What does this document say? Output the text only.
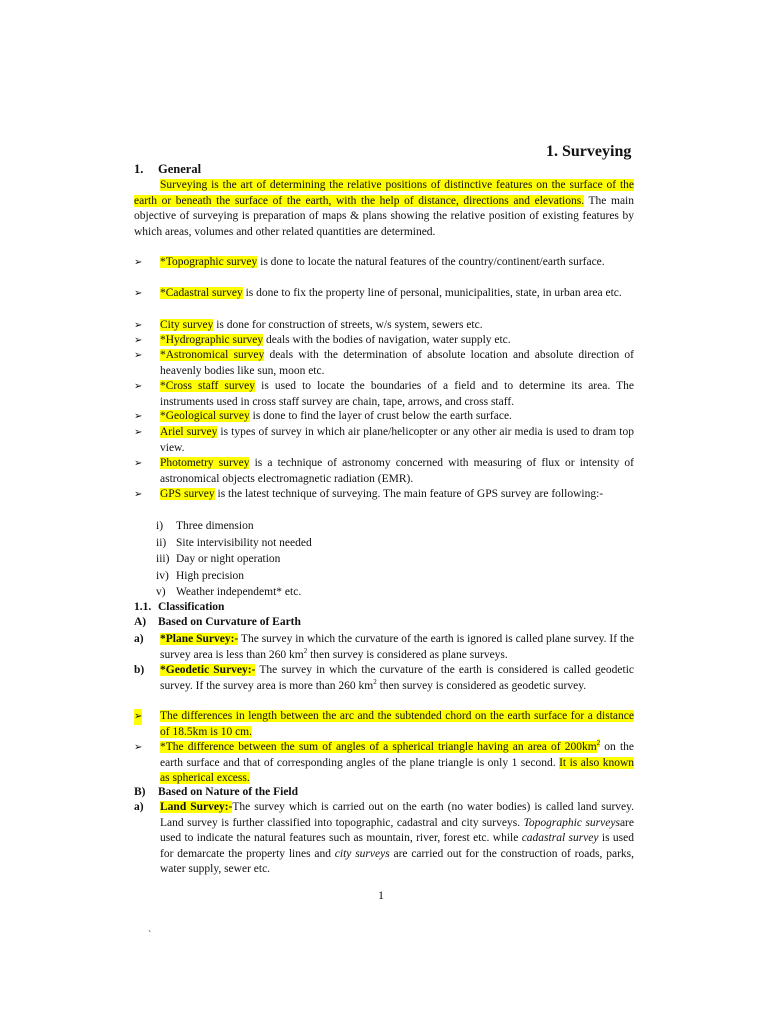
1. Surveying
1. General
Surveying is the art of determining the relative positions of distinctive features on the surface of the earth or beneath the surface of the earth, with the help of distance, directions and elevations. The main objective of surveying is preparation of maps & plans showing the relative position of existing features by which areas, volumes and other related quantities are determined.
➢ *Topographic survey is done to locate the natural features of the country/continent/earth surface.
➢ *Cadastral survey is done to fix the property line of personal, municipalities, state, in urban area etc.
➢ City survey is done for construction of streets, w/s system, sewers etc.
➢ *Hydrographic survey deals with the bodies of navigation, water supply etc.
➢ *Astronomical survey deals with the determination of absolute location and absolute direction of heavenly bodies like sun, moon etc.
➢ *Cross staff survey is used to locate the boundaries of a field and to determine its area. The instruments used in cross staff survey are chain, tape, arrows, and cross staff.
➢ *Geological survey is done to find the layer of crust below the earth surface.
➢ Ariel survey is types of survey in which air plane/helicopter or any other air media is used to dram top view.
➢ Photometry survey is a technique of astronomy concerned with measuring of flux or intensity of astronomical objects electromagnetic radiation (EMR).
➢ GPS survey is the latest technique of surveying. The main feature of GPS survey are following:-
i) Three dimension
ii) Site intervisibility not needed
iii) Day or night operation
iv) High precision
v) Weather independemt* etc.
1.1. Classification
A) Based on Curvature of Earth
a) *Plane Survey:- The survey in which the curvature of the earth is ignored is called plane survey. If the survey area is less than 260 $km^2$ then survey is considered as plane surveys.
b) *Geodetic Survey:- The survey in which the curvature of the earth is considered is called geodetic survey. If the survey area is more than 260 $km^2$ then survey is considered as geodetic survey.
➢ The differences in length between the arc and the subtended chord on the earth surface for a distance of 18.5km is 10 cm.
➢ *The difference between the sum of angles of a spherical triangle having an area of $200km^2$ on the earth surface and that of corresponding angles of the plane triangle is only 1 second. It is also known as spherical excess.
B) Based on Nature of the Field
a) Land Survey:-The survey which is carried out on the earth (no water bodies) is called land survey. Land survey is further classified into topographic, cadastral and city surveys. Topographic surveysare used to indicate the natural features such as mountain, river, forest etc. while cadastral survey is used for demarcate the property lines and city surveys are carried out for the construction of roads, parks, water supply, sewer etc.
1
`
